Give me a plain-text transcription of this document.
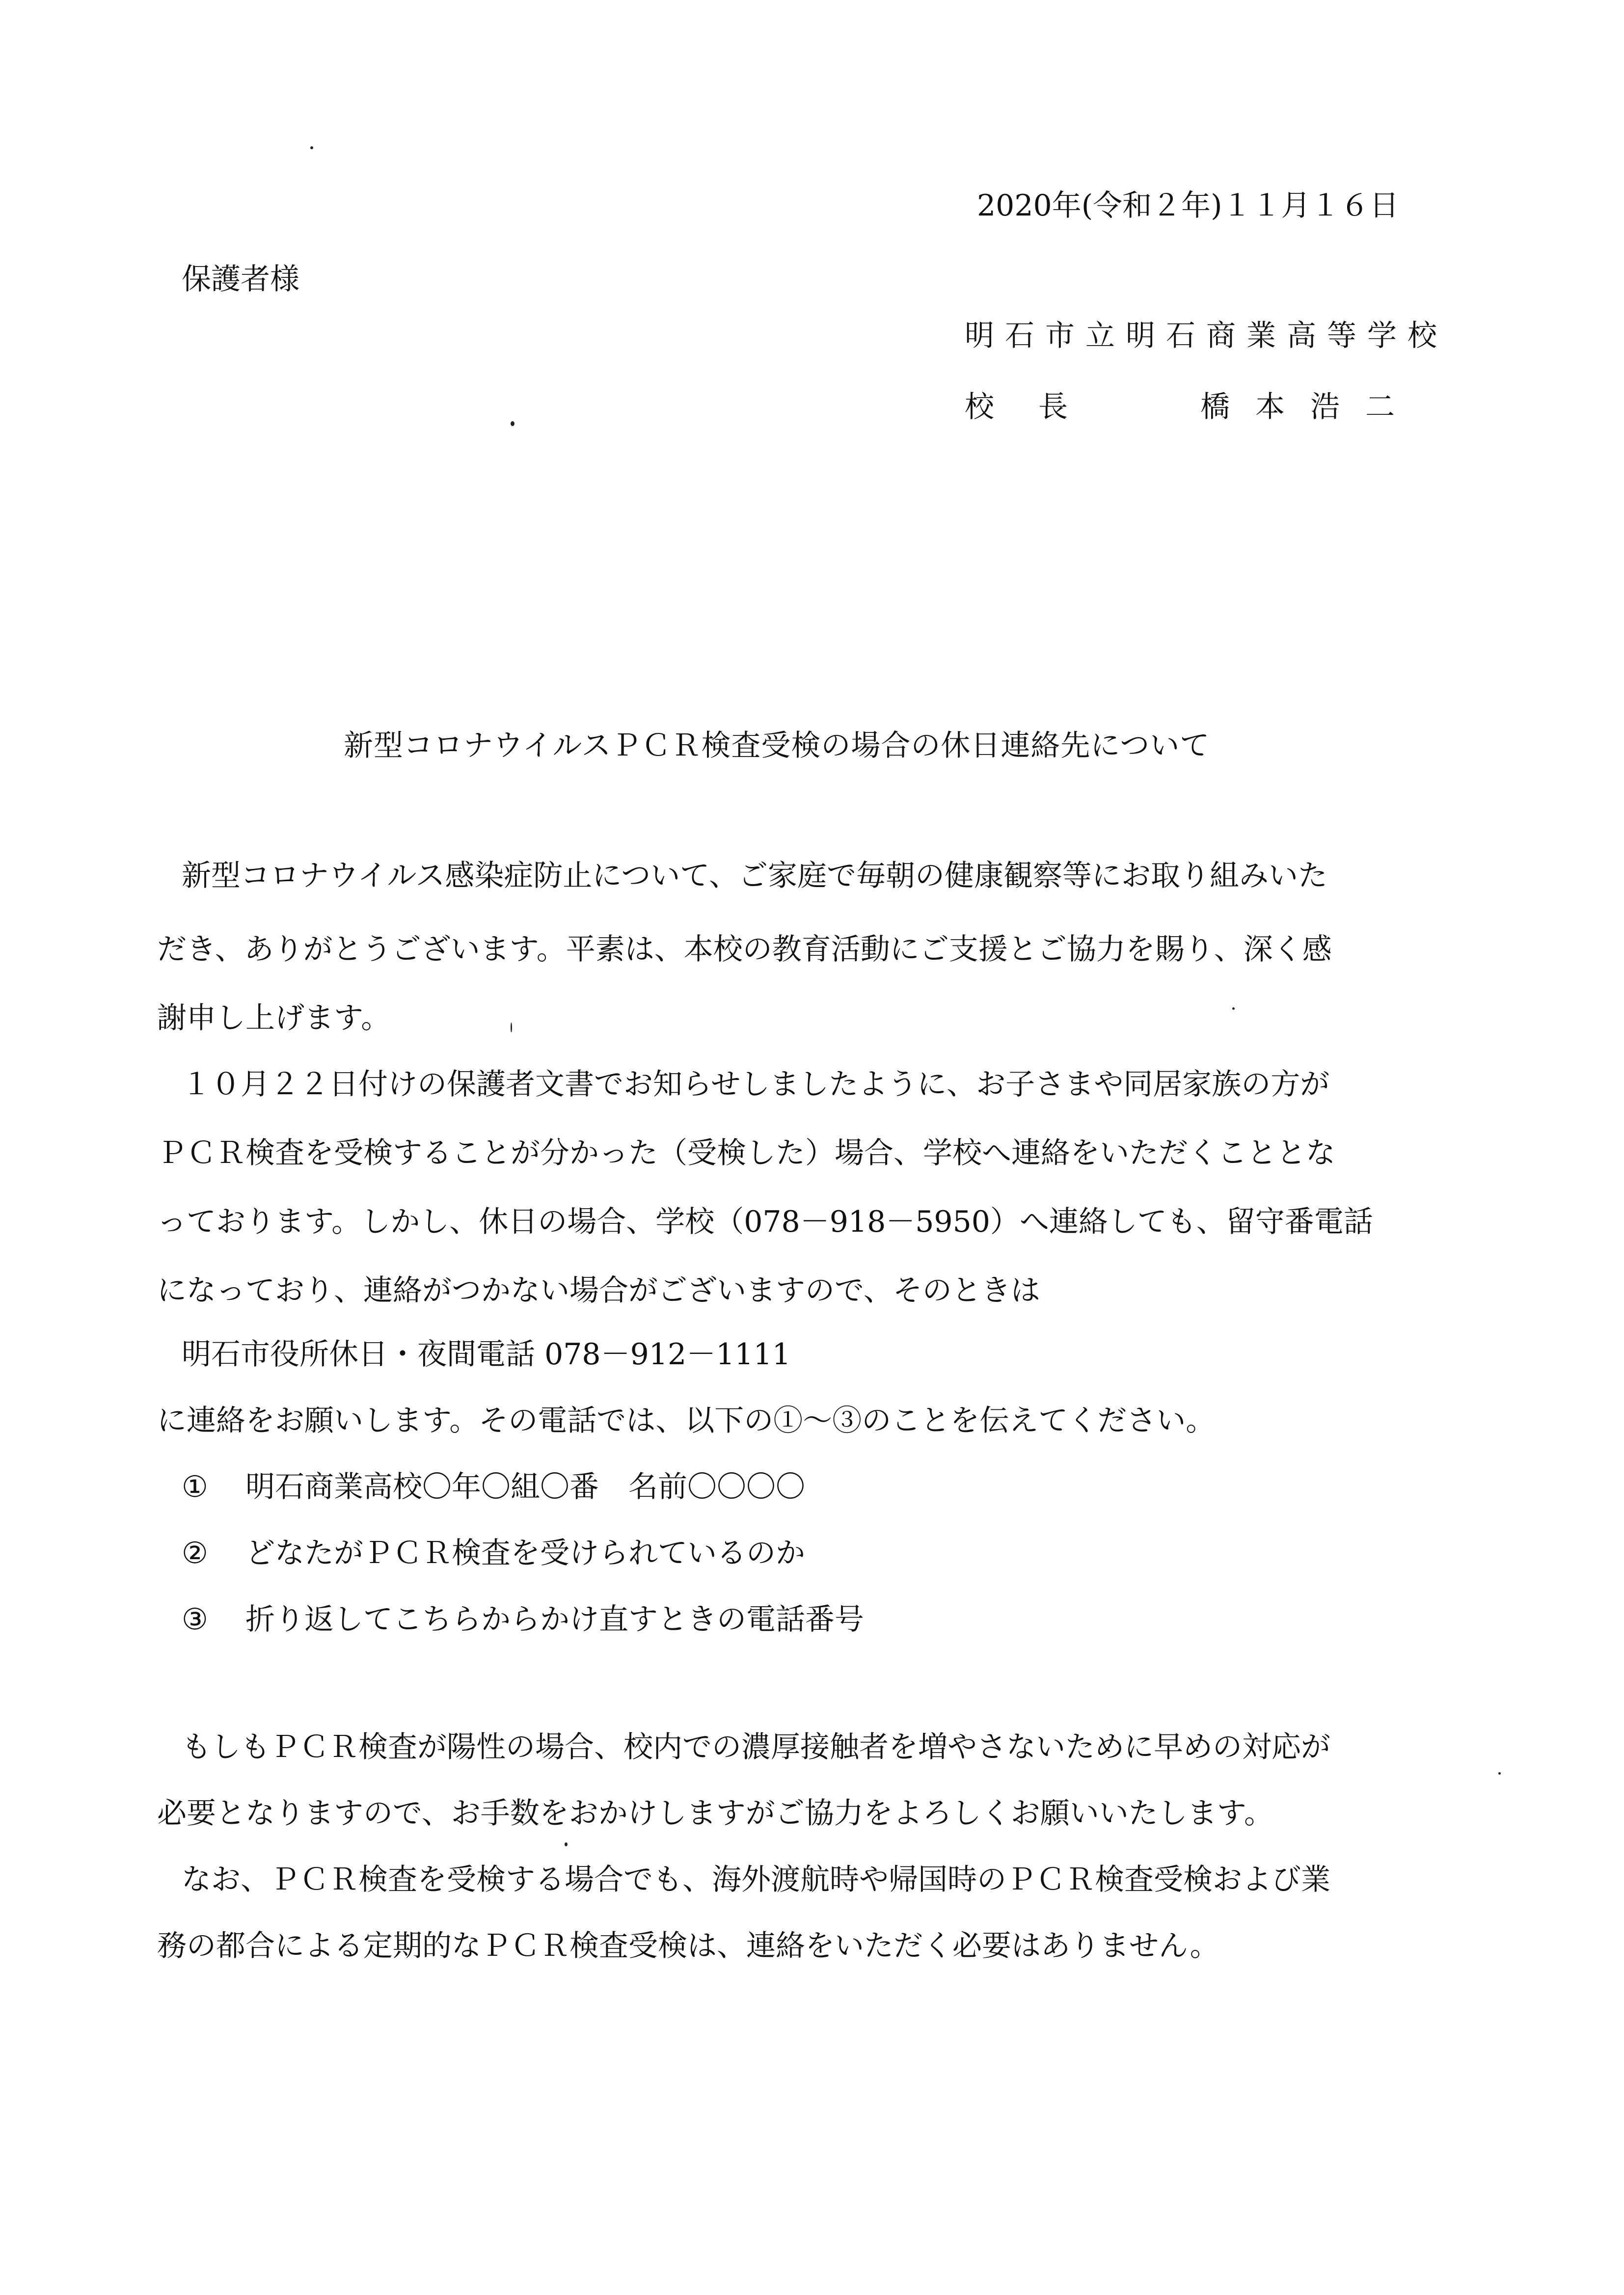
2020年(令和２年)１１月１６日

保護者様

明石市立明石商業高等学校

校長	橋本浩二

新型コロナウイルスＰＣＲ検査受検の場合の休日連絡先について

新型コロナウイルス感染症防止について、ご家庭で毎朝の健康観察等にお取り組みいた

だき、ありがとうございます。平素は、本校の教育活動にご支援とご協力を賜り、深く感

謝申し上げます。

１０月２２日付けの保護者文書でお知らせしましたように、お子さまや同居家族の方が

ＰＣＲ検査を受検することが分かった（受検した）場合、学校へ連絡をいただくこととな

っております。しかし、休日の場合、学校（078－918－5950）へ連絡しても、留守番電話

になっており、連絡がつかない場合がございますので、そのときは

明石市役所休日・夜間電話 078－912－1111

に連絡をお願いします。その電話では、以下の①～③のことを伝えてください。

① 明石商業高校〇年〇組〇番　名前〇〇〇〇

② どなたがＰＣＲ検査を受けられているのか

③ 折り返してこちらからかけ直すときの電話番号

もしもＰＣＲ検査が陽性の場合、校内での濃厚接触者を増やさないために早めの対応が

必要となりますので、お手数をおかけしますがご協力をよろしくお願いいたします。

なお、ＰＣＲ検査を受検する場合でも、海外渡航時や帰国時のＰＣＲ検査受検および業

務の都合による定期的なＰＣＲ検査受検は、連絡をいただく必要はありません。
